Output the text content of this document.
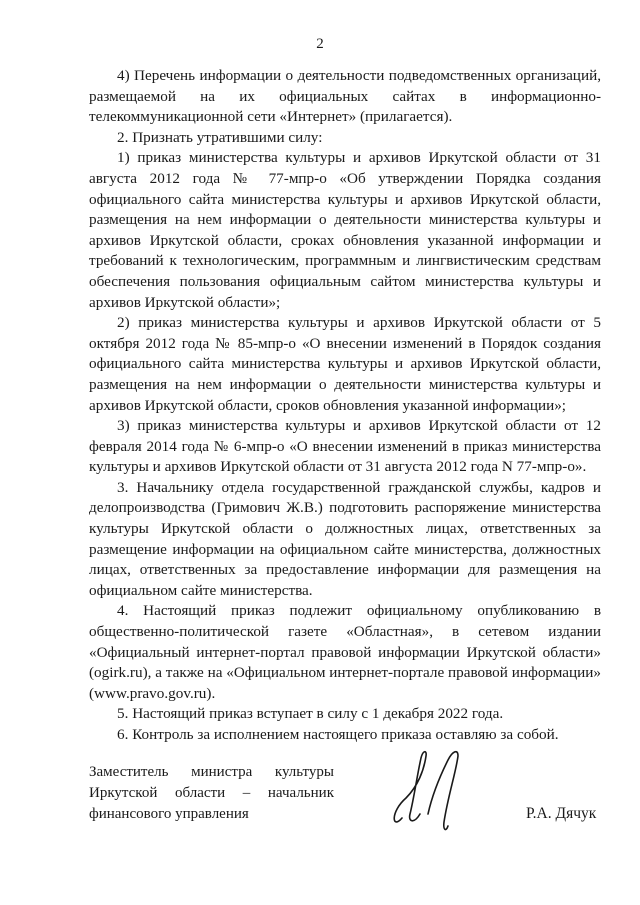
2

4) Перечень информации о деятельности подведомственных организаций, размещаемой на их официальных сайтах в информационно-телекоммуникационной сети «Интернет» (прилагается).

2. Признать утратившими силу:

1) приказ министерства культуры и архивов Иркутской области от 31 августа 2012 года № 77-мпр-о «Об утверждении Порядка создания официального сайта министерства культуры и архивов Иркутской области, размещения на нем информации о деятельности министерства культуры и архивов Иркутской области, сроках обновления указанной информации и требований к технологическим, программным и лингвистическим средствам обеспечения пользования официальным сайтом министерства культуры и архивов Иркутской области»;

2) приказ министерства культуры и архивов Иркутской области от 5 октября 2012 года № 85-мпр-о «О внесении изменений в Порядок создания официального сайта министерства культуры и архивов Иркутской области, размещения на нем информации о деятельности министерства культуры и архивов Иркутской области, сроков обновления указанной информации»;

3) приказ министерства культуры и архивов Иркутской области от 12 февраля 2014 года № 6-мпр-о «О внесении изменений в приказ министерства культуры и архивов Иркутской области от 31 августа 2012 года N 77-мпр-о».

3. Начальнику отдела государственной гражданской службы, кадров и делопроизводства (Гримович Ж.В.) подготовить распоряжение министерства культуры Иркутской области о должностных лицах, ответственных за размещение информации на официальном сайте министерства, должностных лицах, ответственных за предоставление информации для размещения на официальном сайте министерства.

4. Настоящий приказ подлежит официальному опубликованию в общественно-политической газете «Областная», в сетевом издании «Официальный интернет-портал правовой информации Иркутской области» (ogirk.ru), а также на «Официальном интернет-портале правовой информации» (www.pravo.gov.ru).

5. Настоящий приказ вступает в силу с 1 декабря 2022 года.

6. Контроль за исполнением настоящего приказа оставляю за собой.

Заместитель министра культуры

Иркутской области – начальник

финансового управления	Р.А. Дячук
